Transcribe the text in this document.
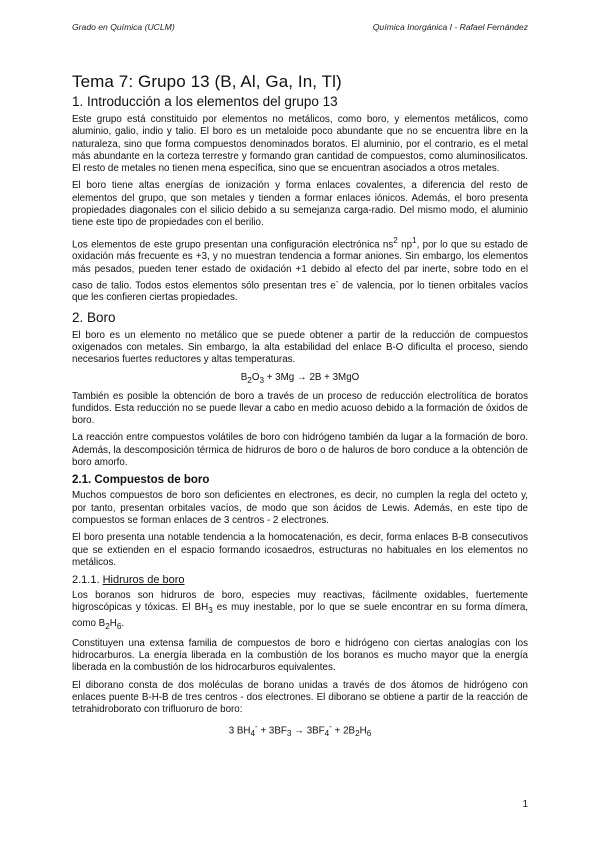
Grado en Química (UCLM)	Química Inorgánica I - Rafael Fernández
Tema 7: Grupo 13 (B, Al, Ga, In, Tl)
1. Introducción a los elementos del grupo 13

Este grupo está constituido por elementos no metálicos, como boro, y elementos metálicos, como aluminio, galio, indio y talio. El boro es un metaloide poco abundante que no se encuentra libre en la naturaleza, sino que forma compuestos denominados boratos. El aluminio, por el contrario, es el metal más abundante en la corteza terrestre y formando gran cantidad de compuestos, como aluminosilicatos. El resto de metales no tienen mena específica, sino que se encuentran asociados a otros metales.

El boro tiene altas energías de ionización y forma enlaces covalentes, a diferencia del resto de elementos del grupo, que son metales y tienden a formar enlaces iónicos. Además, el boro presenta propiedades diagonales con el silicio debido a su semejanza carga-radio. Del mismo modo, el aluminio tiene este tipo de propiedades con el berilio.

Los elementos de este grupo presentan una configuración electrónica $ns^2$ $np^1$, por lo que su estado de oxidación más frecuente es +3, y no muestran tendencia a formar aniones. Sin embargo, los elementos más pesados, pueden tener estado de oxidación +1 debido al efecto del par inerte, sobre todo en el caso de talio. Todos estos elementos sólo presentan tres e- de valencia, por lo tienen orbitales vacíos que les confieren ciertas propiedades.

2. Boro

El boro es un elemento no metálico que se puede obtener a partir de la reducción de compuestos oxigenados con metales. Sin embargo, la alta estabilidad del enlace B-O dificulta el proceso, siendo necesarios fuertes reductores y altas temperaturas.

$B_2O_3 + 3Mg \to 2B + 3MgO$

También es posible la obtención de boro a través de un proceso de reducción electrolítica de boratos fundidos. Esta reducción no se puede llevar a cabo en medio acuoso debido a la formación de óxidos de boro.

La reacción entre compuestos volátiles de boro con hidrógeno también da lugar a la formación de boro. Además, la descomposición térmica de hidruros de boro o de haluros de boro conduce a la obtención de boro amorfo.

2.1. Compuestos de boro

Muchos compuestos de boro son deficientes en electrones, es decir, no cumplen la regla del octeto y, por tanto, presentan orbitales vacíos, de modo que son ácidos de Lewis. Además, en este tipo de compuestos se forman enlaces de 3 centros - 2 electrones.

El boro presenta una notable tendencia a la homocatenación, es decir, forma enlaces B-B consecutivos que se extienden en el espacio formando icosaedros, estructuras no habituales en los elementos no metálicos.

2.1.1. Hidruros de boro

Los boranos son hidruros de boro, especies muy reactivas, fácilmente oxidables, fuertemente higroscópicas y tóxicas. El $BH_3$ es muy inestable, por lo que se suele encontrar en su forma dímera, como $B_2H_6$.

Constituyen una extensa familia de compuestos de boro e hidrógeno con ciertas analogías con los hidrocarburos. La energía liberada en la combustión de los boranos es mucho mayor que la energía liberada en la combustión de los hidrocarburos equivalentes.

El diborano consta de dos moléculas de borano unidas a través de dos átomos de hidrógeno con enlaces puente B-H-B de tres centros - dos electrones. El diborano se obtiene a partir de la reacción de tetrahidroborato con trifluoruro de boro:

3 $BH_4^- + 3BF_3 \to 3BF_4^- + 2B_2H_6$
1
